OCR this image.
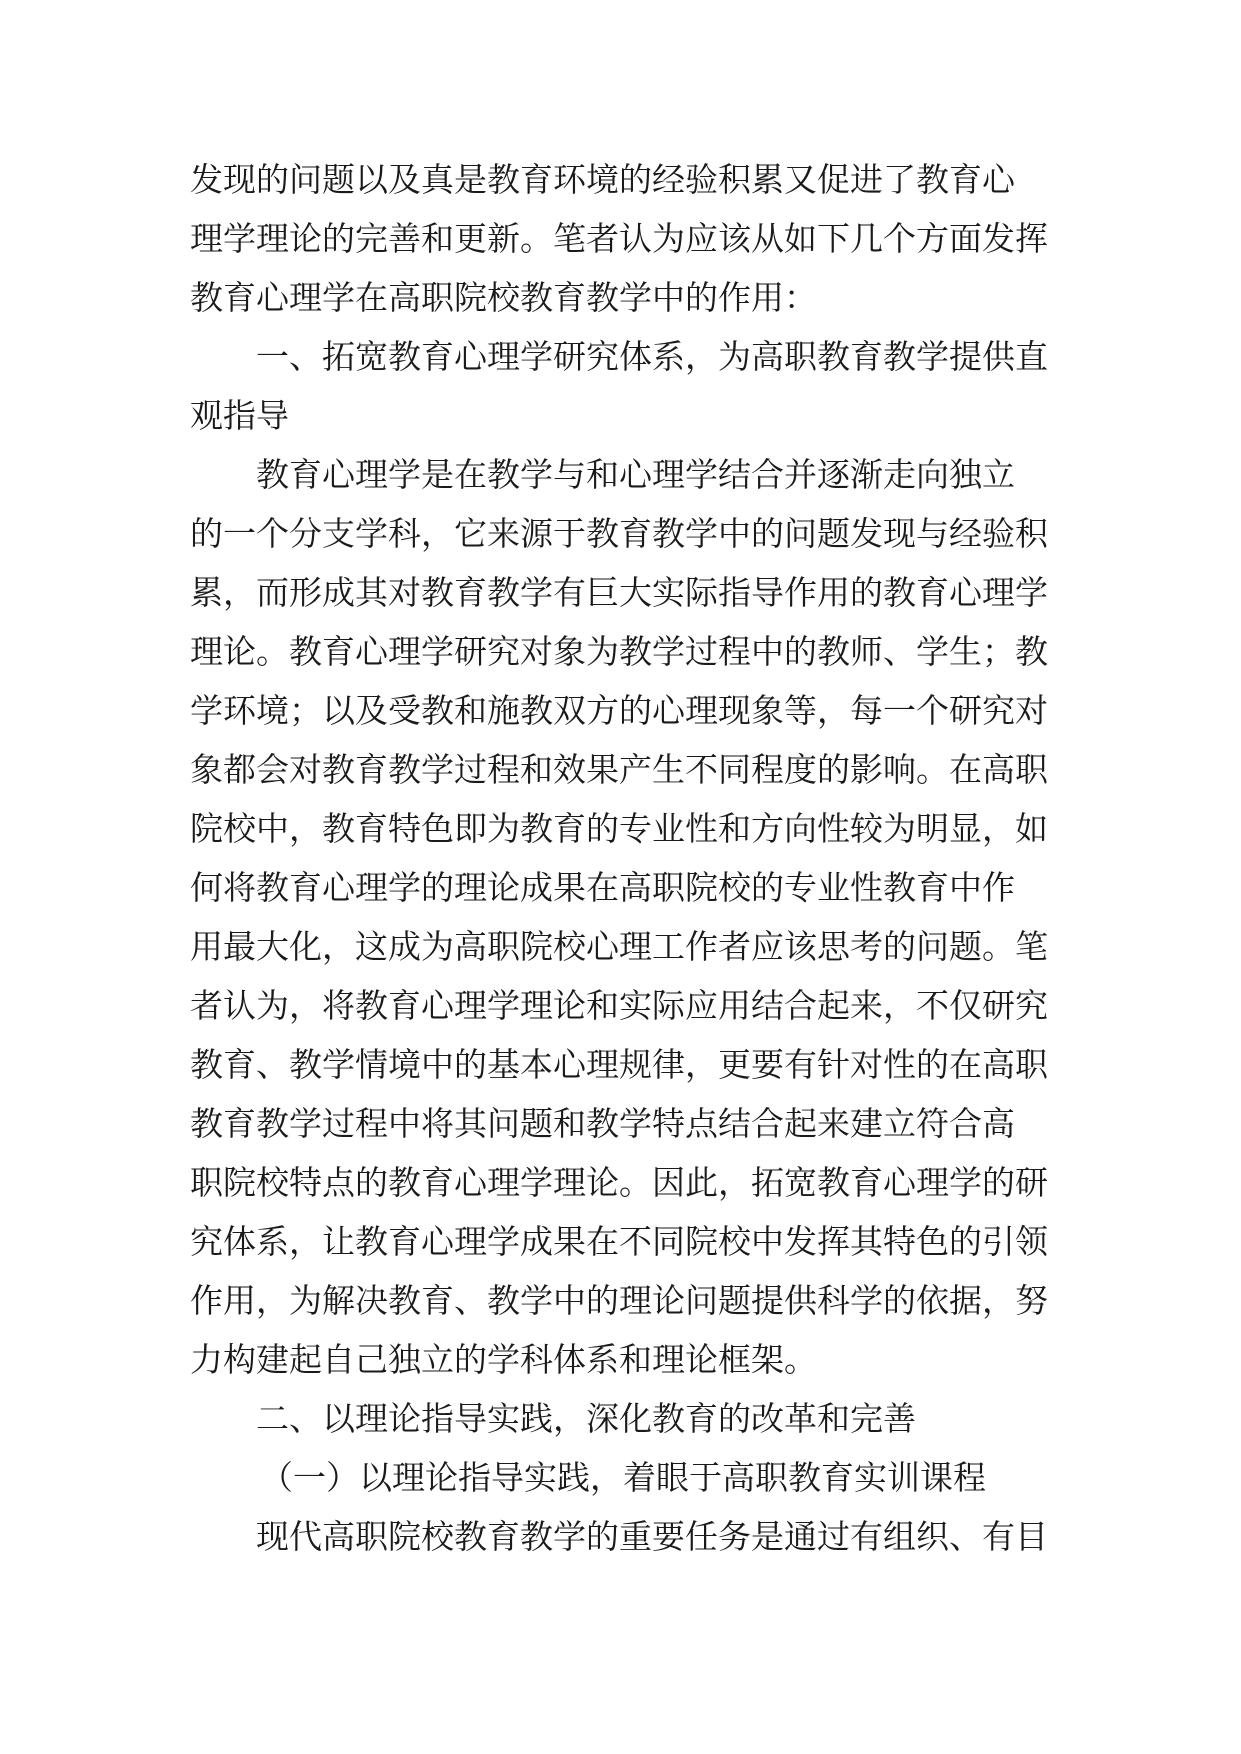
发现的问题以及真是教育环境的经验积累又促进了教育心
理学理论的完善和更新。笔者认为应该从如下几个方面发挥
教育心理学在高职院校教育教学中的作用：
一、拓宽教育心理学研究体系，为高职教育教学提供直
观指导
教育心理学是在教学与和心理学结合并逐渐走向独立
的一个分支学科，它来源于教育教学中的问题发现与经验积
累，而形成其对教育教学有巨大实际指导作用的教育心理学
理论。教育心理学研究对象为教学过程中的教师、学生；教
学环境；以及受教和施教双方的心理现象等，每一个研究对
象都会对教育教学过程和效果产生不同程度的影响。在高职
院校中，教育特色即为教育的专业性和方向性较为明显，如
何将教育心理学的理论成果在高职院校的专业性教育中作
用最大化，这成为高职院校心理工作者应该思考的问题。笔
者认为，将教育心理学理论和实际应用结合起来，不仅研究
教育、教学情境中的基本心理规律，更要有针对性的在高职
教育教学过程中将其问题和教学特点结合起来建立符合高
职院校特点的教育心理学理论。因此，拓宽教育心理学的研
究体系，让教育心理学成果在不同院校中发挥其特色的引领
作用，为解决教育、教学中的理论问题提供科学的依据，努
力构建起自己独立的学科体系和理论框架。
二、以理论指导实践，深化教育的改革和完善
（一）以理论指导实践，着眼于高职教育实训课程
现代高职院校教育教学的重要任务是通过有组织、有目
